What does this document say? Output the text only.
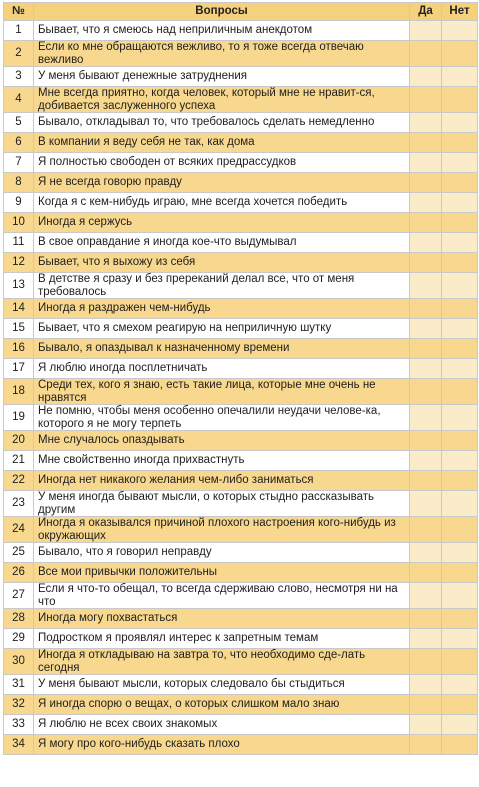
№	Вопросы	Да	Нет
1	Бывает, что я смеюсь над неприличным анекдотом		
2	Если ко мне обращаются вежливо, то я тоже всегда отвечаю вежливо		
3	У меня бывают денежные затруднения		
4	Мне всегда приятно, когда человек, который мне не нравит-ся, добивается заслуженного успеха		
5	Бывало, откладывал то, что требовалось сделать немедленно		
6	В компании я веду себя не так, как дома		
7	Я полностью свободен от всяких предрассудков		
8	Я не всегда говорю правду		
9	Когда я с кем-нибудь играю, мне всегда хочется победить		
10	Иногда я сержусь		
11	В свое оправдание я иногда кое-что выдумывал		
12	Бывает, что я выхожу из себя		
13	В детстве я сразу и без пререканий делал все, что от меня требовалось		
14	Иногда я раздражен чем-нибудь		
15	Бывает, что я смехом реагирую на неприличную шутку		
16	Бывало, я опаздывал к назначенному времени		
17	Я люблю иногда посплетничать		
18	Среди тех, кого я знаю, есть такие лица, которые мне очень не нравятся		
19	Не помню, чтобы меня особенно опечалили неудачи челове-ка, которого я не могу терпеть		
20	Мне случалось опаздывать		
21	Мне свойственно иногда прихвастнуть		
22	Иногда нет никакого желания чем-либо заниматься		
23	У меня иногда бывают мысли, о которых стыдно рассказывать другим		
24	Иногда я оказывался причиной плохого настроения кого-нибудь из окружающих		
25	Бывало, что я говорил неправду		
26	Все мои привычки положительны		
27	Если я что-то обещал, то всегда сдерживаю слово, несмотря ни на что		
28	Иногда могу похвастаться		
29	Подростком я проявлял интерес к запретным темам		
30	Иногда я откладываю на завтра то, что необходимо сде-лать сегодня		
31	У меня бывают мысли, которых следовало бы стыдиться		
32	Я иногда спорю о вещах, о которых слишком мало знаю		
33	Я люблю не всех своих знакомых		
34	Я могу про кого-нибудь сказать плохо		
UKR.MEDIA
